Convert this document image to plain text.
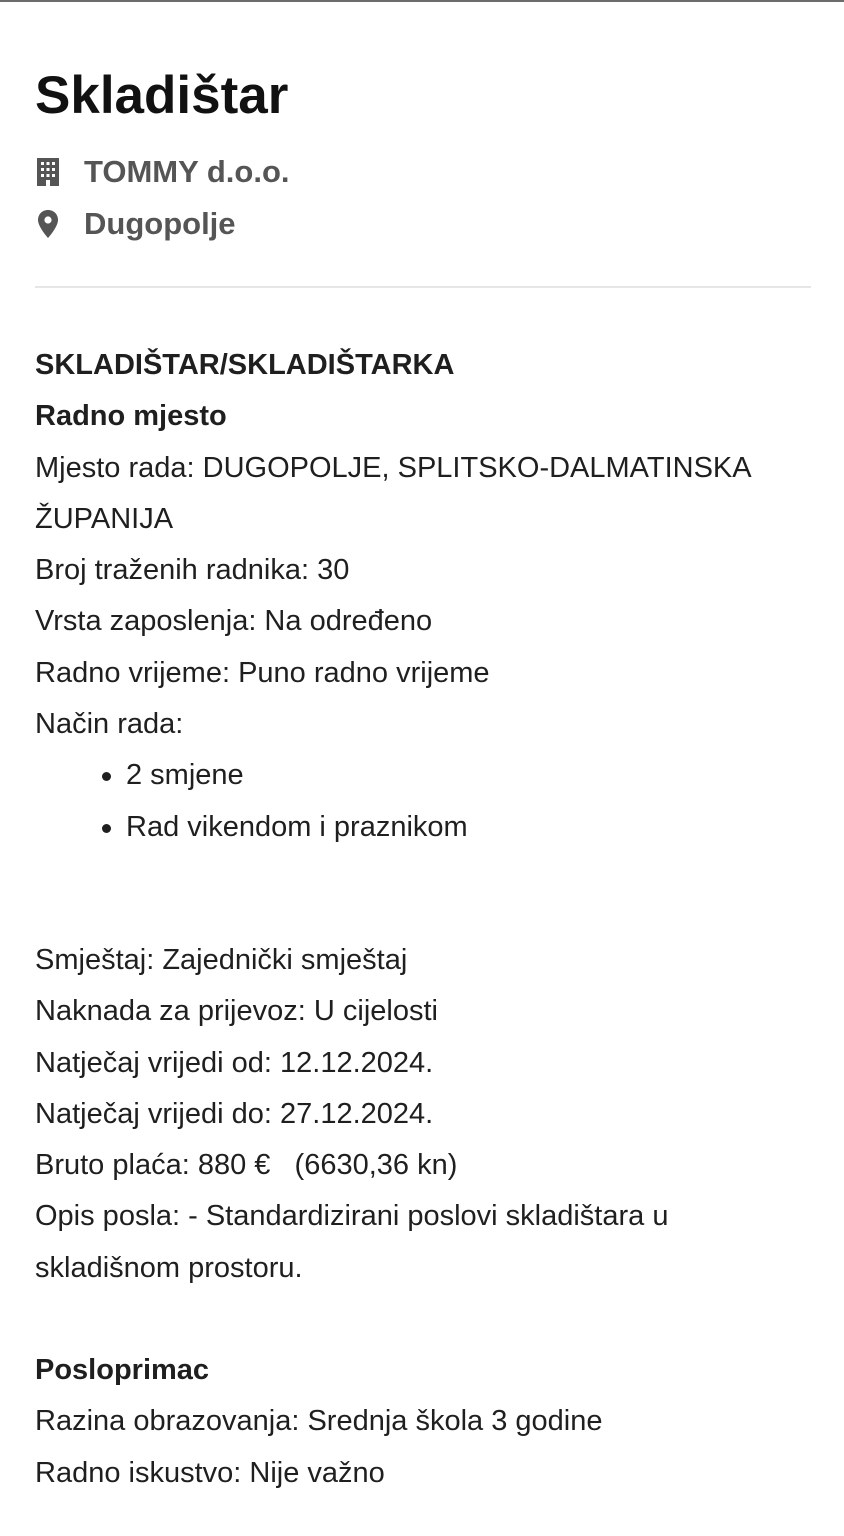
Skladištar
TOMMY d.o.o.
Dugopolje
SKLADIŠTAR/SKLADIŠTARKA
Radno mjesto
Mjesto rada: DUGOPOLJE, SPLITSKO-DALMATINSKA
ŽUPANIJA
Broj traženih radnika: 30
Vrsta zaposlenja: Na određeno
Radno vrijeme: Puno radno vrijeme
Način rada:
2 smjene
Rad vikendom i praznikom
Smještaj: Zajednički smještaj
Naknada za prijevoz: U cijelosti
Natječaj vrijedi od: 12.12.2024.
Natječaj vrijedi do: 27.12.2024.
Bruto plaća: 880 €   (6630,36 kn)
Opis posla: - Standardizirani poslovi skladištara u
skladišnom prostoru.
Posloprimac
Razina obrazovanja: Srednja škola 3 godine
Radno iskustvo: Nije važno
